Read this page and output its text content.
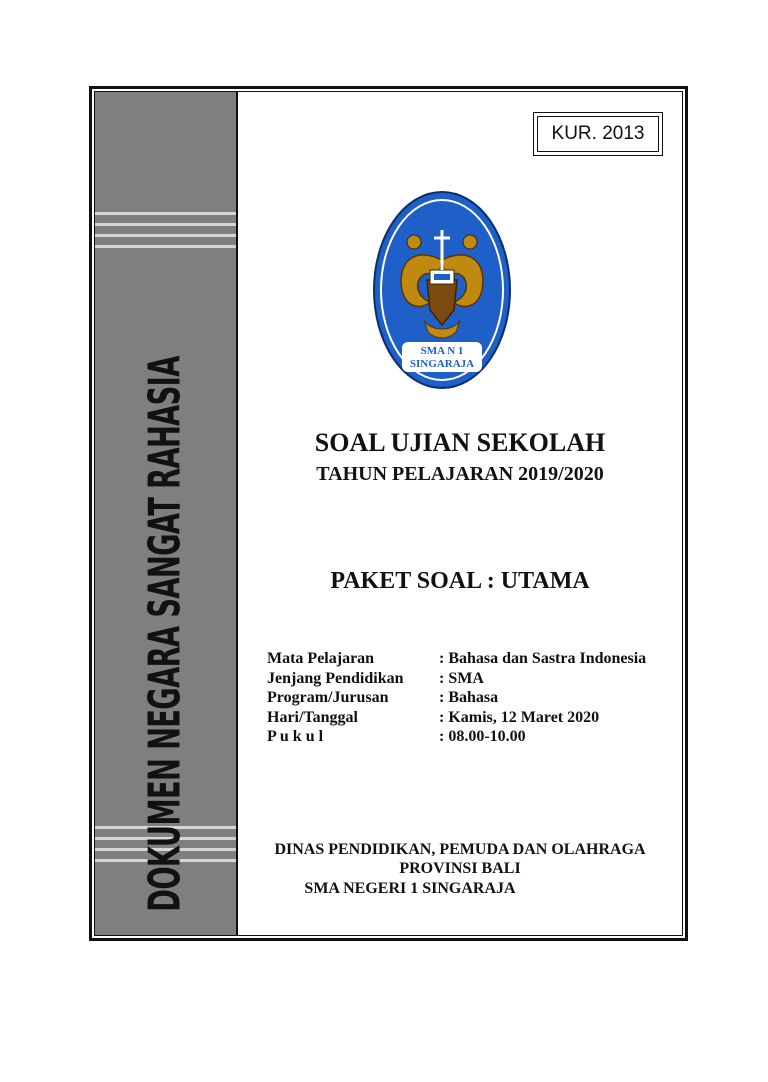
DOKUMEN NEGARA SANGAT RAHASIA
KUR. 2013
SMA N 1
SINGARAJA
SOAL UJIAN SEKOLAH
TAHUN PELAJARAN 2019/2020
PAKET SOAL : UTAMA
Mata Pelajaran	: Bahasa dan Sastra Indonesia
Jenjang Pendidikan : SMA
Program/Jurusan	: Bahasa
Hari/Tanggal	: Kamis, 12 Maret 2020
P u k u l	: 08.00-10.00
DINAS PENDIDIKAN, PEMUDA DAN OLAHRAGA
PROVINSI BALI
SMA NEGERI 1 SINGARAJA
